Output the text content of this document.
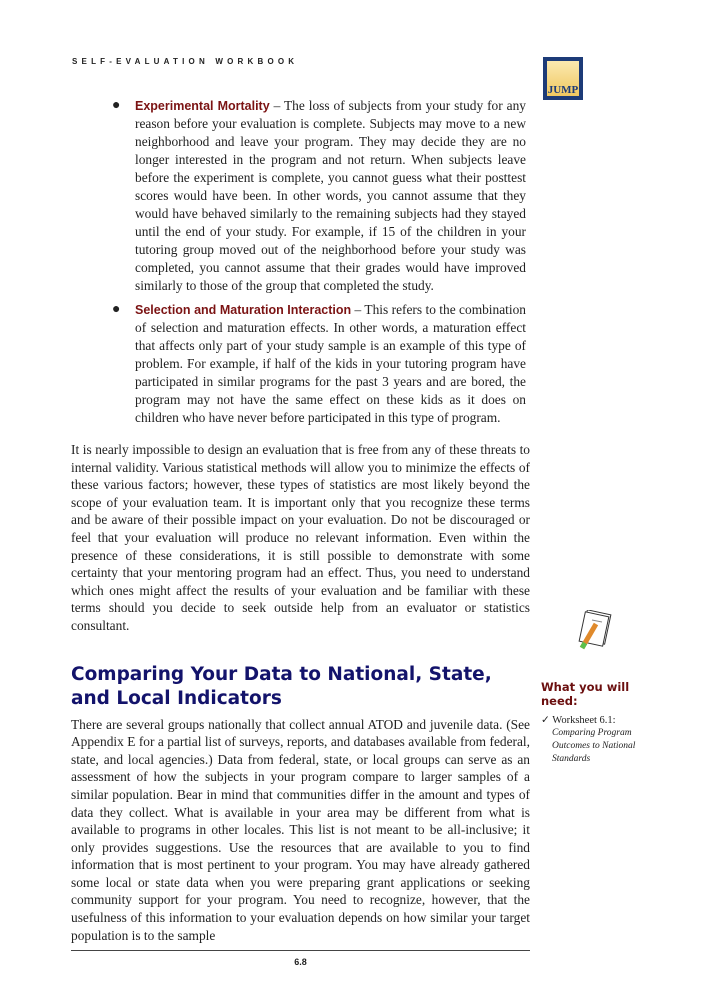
SELF-EVALUATION WORKBOOK
JUMP
● Experimental Mortality – The loss of subjects from your study for any reason before your evaluation is complete. Subjects may move to a new neighborhood and leave your program. They may decide they are no longer interested in the program and not return. When subjects leave before the experiment is complete, you cannot guess what their posttest scores would have been. In other words, you cannot assume that they would have behaved similarly to the remaining subjects had they stayed until the end of your study. For example, if 15 of the children in your tutoring group moved out of the neighborhood before your study was completed, you cannot assume that their grades would have improved similarly to those of the group that completed the study.
● Selection and Maturation Interaction – This refers to the combination of selection and maturation effects. In other words, a maturation effect that affects only part of your study sample is an example of this type of problem. For example, if half of the kids in your tutoring program have participated in similar programs for the past 3 years and are bored, the program may not have the same effect on these kids as it does on children who have never before participated in this type of program.

It is nearly impossible to design an evaluation that is free from any of these threats to internal validity. Various statistical methods will allow you to minimize the effects of these various factors; however, these types of statistics are most likely beyond the scope of your evaluation team. It is important only that you recognize these terms and be aware of their possible impact on your evaluation. Do not be discouraged or feel that your evaluation will produce no relevant information. Even within the presence of these considerations, it is still possible to demonstrate with some certainty that your mentoring program had an effect. Thus, you need to understand which ones might affect the results of your evaluation and be familiar with these terms should you decide to seek outside help from an evaluator or statistics consultant.

Comparing Your Data to National, State, and Local Indicators

There are several groups nationally that collect annual ATOD and juvenile data. (See Appendix E for a partial list of surveys, reports, and databases available from federal, state, and local agencies.) Data from federal, state, or local groups can serve as an assessment of how the subjects in your program compare to larger samples of a similar population. Bear in mind that communities differ in the amount and types of data they collect. What is available in your area may be different from what is available to programs in other locales. This list is not meant to be all-inclusive; it only provides suggestions. Use the resources that are available to you to find information that is most pertinent to your program. You may have already gathered some local or state data when you were preparing grant applications or seeking community support for your program. You need to recognize, however, that the usefulness of this information to your evaluation depends on how similar your target population is to the sample

What you will need:
✓ Worksheet 6.1:
Comparing Program Outcomes to National Standards
6.8
